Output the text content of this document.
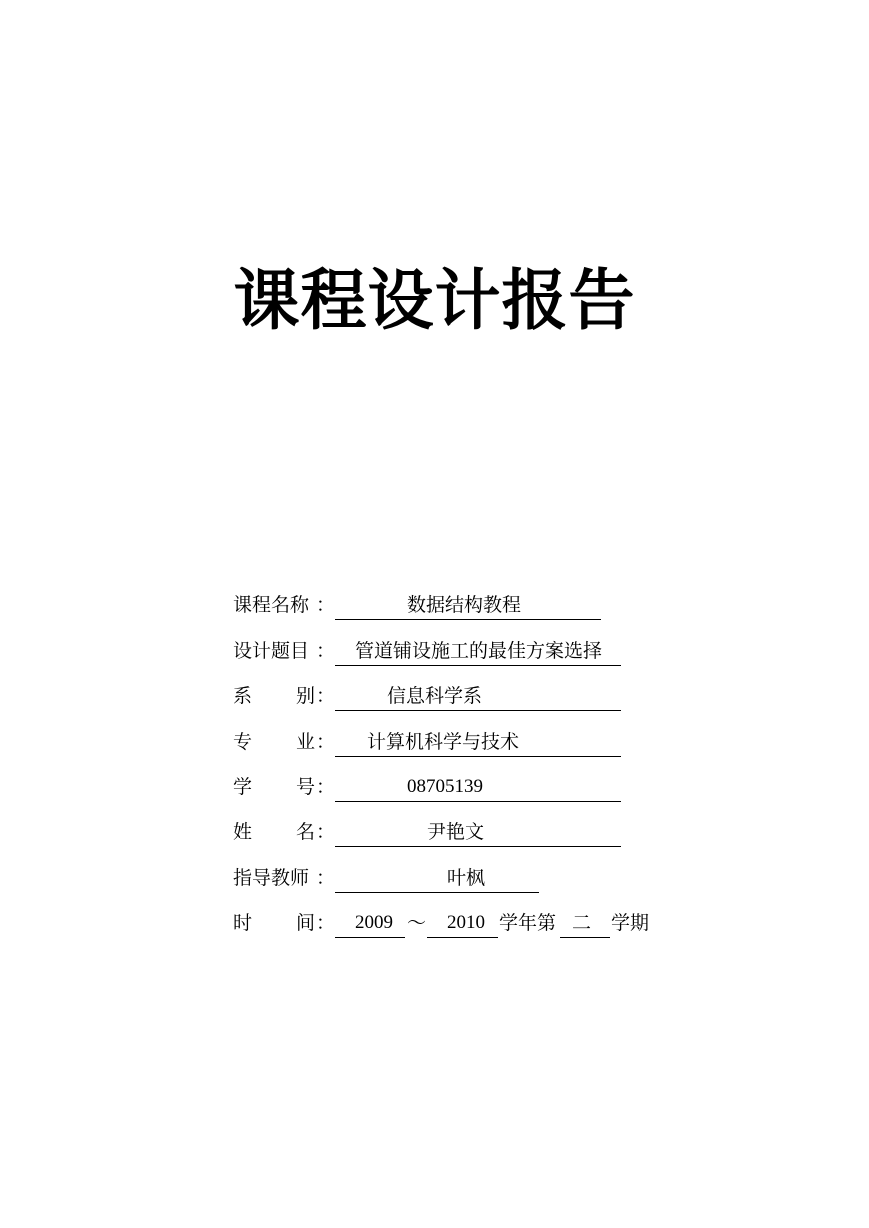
课程设计报告
课程名称 ：	数据结构教程
设计题目 ： 管道铺设施工的最佳方案选择
系 别 ：	信息科学系
专 业 ： 计算机科学与技术
学 号 ：	08705139
姓 名 ：	尹艳文
指导教师 ：	叶枫
时 间 ： 2009 ～ 2010 学年第 二 学期
